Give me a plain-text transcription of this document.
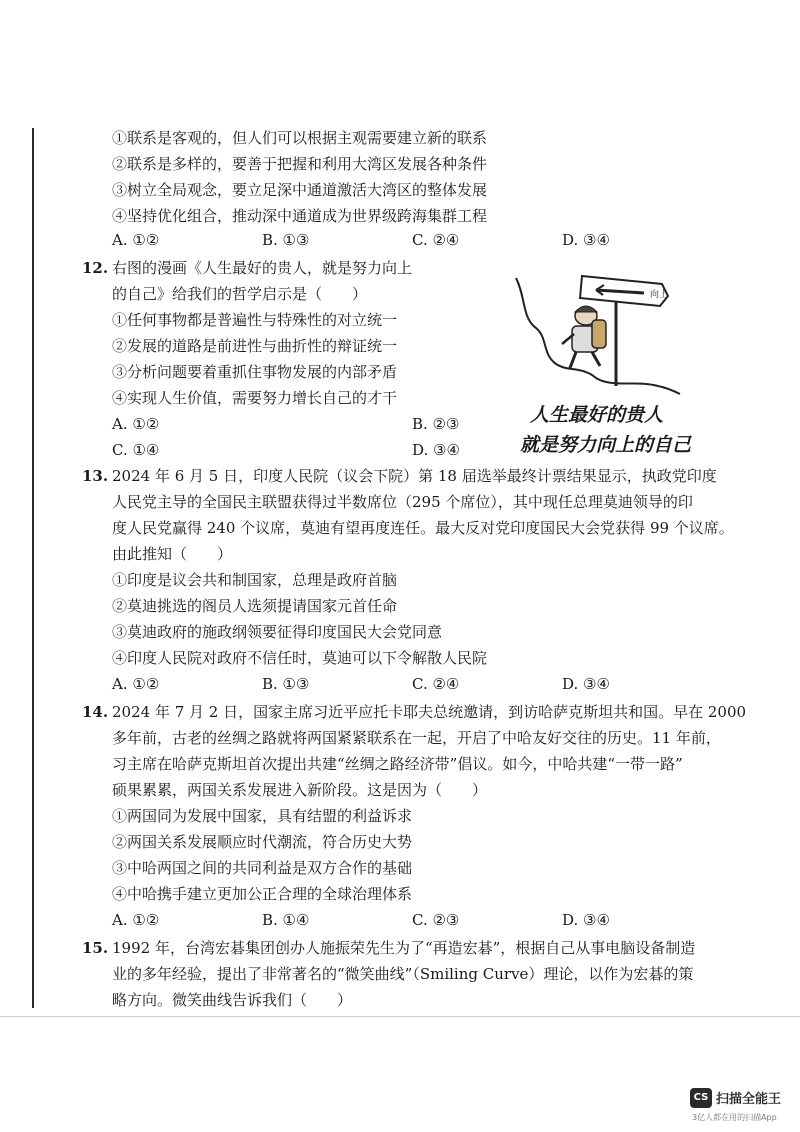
①联系是客观的，但人们可以根据主观需要建立新的联系
②联系是多样的，要善于把握和利用大湾区发展各种条件
③树立全局观念，要立足深中通道激活大湾区的整体发展
④坚持优化组合，推动深中通道成为世界级跨海集群工程
A. ①②	B. ①③	C. ②④	D. ③④
12. 右图的漫画《人生最好的贵人，就是努力向上
的自己》给我们的哲学启示是（　　）
①任何事物都是普遍性与特殊性的对立统一
②发展的道路是前进性与曲折性的辩证统一
③分析问题要着重抓住事物发展的内部矛盾
④实现人生价值，需要努力增长自己的才干
A. ①②	B. ②③
C. ①④	D. ③④
向上
人生最好的贵人
就是努力向上的自己
13. 2024 年 6 月 5 日，印度人民院（议会下院）第 18 届选举最终计票结果显示，执政党印度
人民党主导的全国民主联盟获得过半数席位（295 个席位），其中现任总理莫迪领导的印
度人民党赢得 240 个议席，莫迪有望再度连任。最大反对党印度国民大会党获得 99 个议席。
由此推知（　　）
①印度是议会共和制国家，总理是政府首脑
②莫迪挑选的阁员人选须提请国家元首任命
③莫迪政府的施政纲领要征得印度国民大会党同意
④印度人民院对政府不信任时，莫迪可以下令解散人民院
A. ①②	B. ①③	C. ②④	D. ③④
14. 2024 年 7 月 2 日，国家主席习近平应托卡耶夫总统邀请，到访哈萨克斯坦共和国。早在 2000
多年前，古老的丝绸之路就将两国紧紧联系在一起，开启了中哈友好交往的历史。11 年前，
习主席在哈萨克斯坦首次提出共建“丝绸之路经济带”倡议。如今，中哈共建“一带一路”
硕果累累，两国关系发展进入新阶段。这是因为（　　）
①两国同为发展中国家，具有结盟的利益诉求
②两国关系发展顺应时代潮流，符合历史大势
③中哈两国之间的共同利益是双方合作的基础
④中哈携手建立更加公正合理的全球治理体系
A. ①②	B. ①④	C. ②③	D. ③④
15. 1992 年，台湾宏碁集团创办人施振荣先生为了“再造宏碁”，根据自己从事电脑设备制造
业的多年经验，提出了非常著名的“微笑曲线”（Smiling Curve）理论，以作为宏碁的策
略方向。微笑曲线告诉我们（　　）
CS 扫描全能王
3亿人都在用的扫描App
